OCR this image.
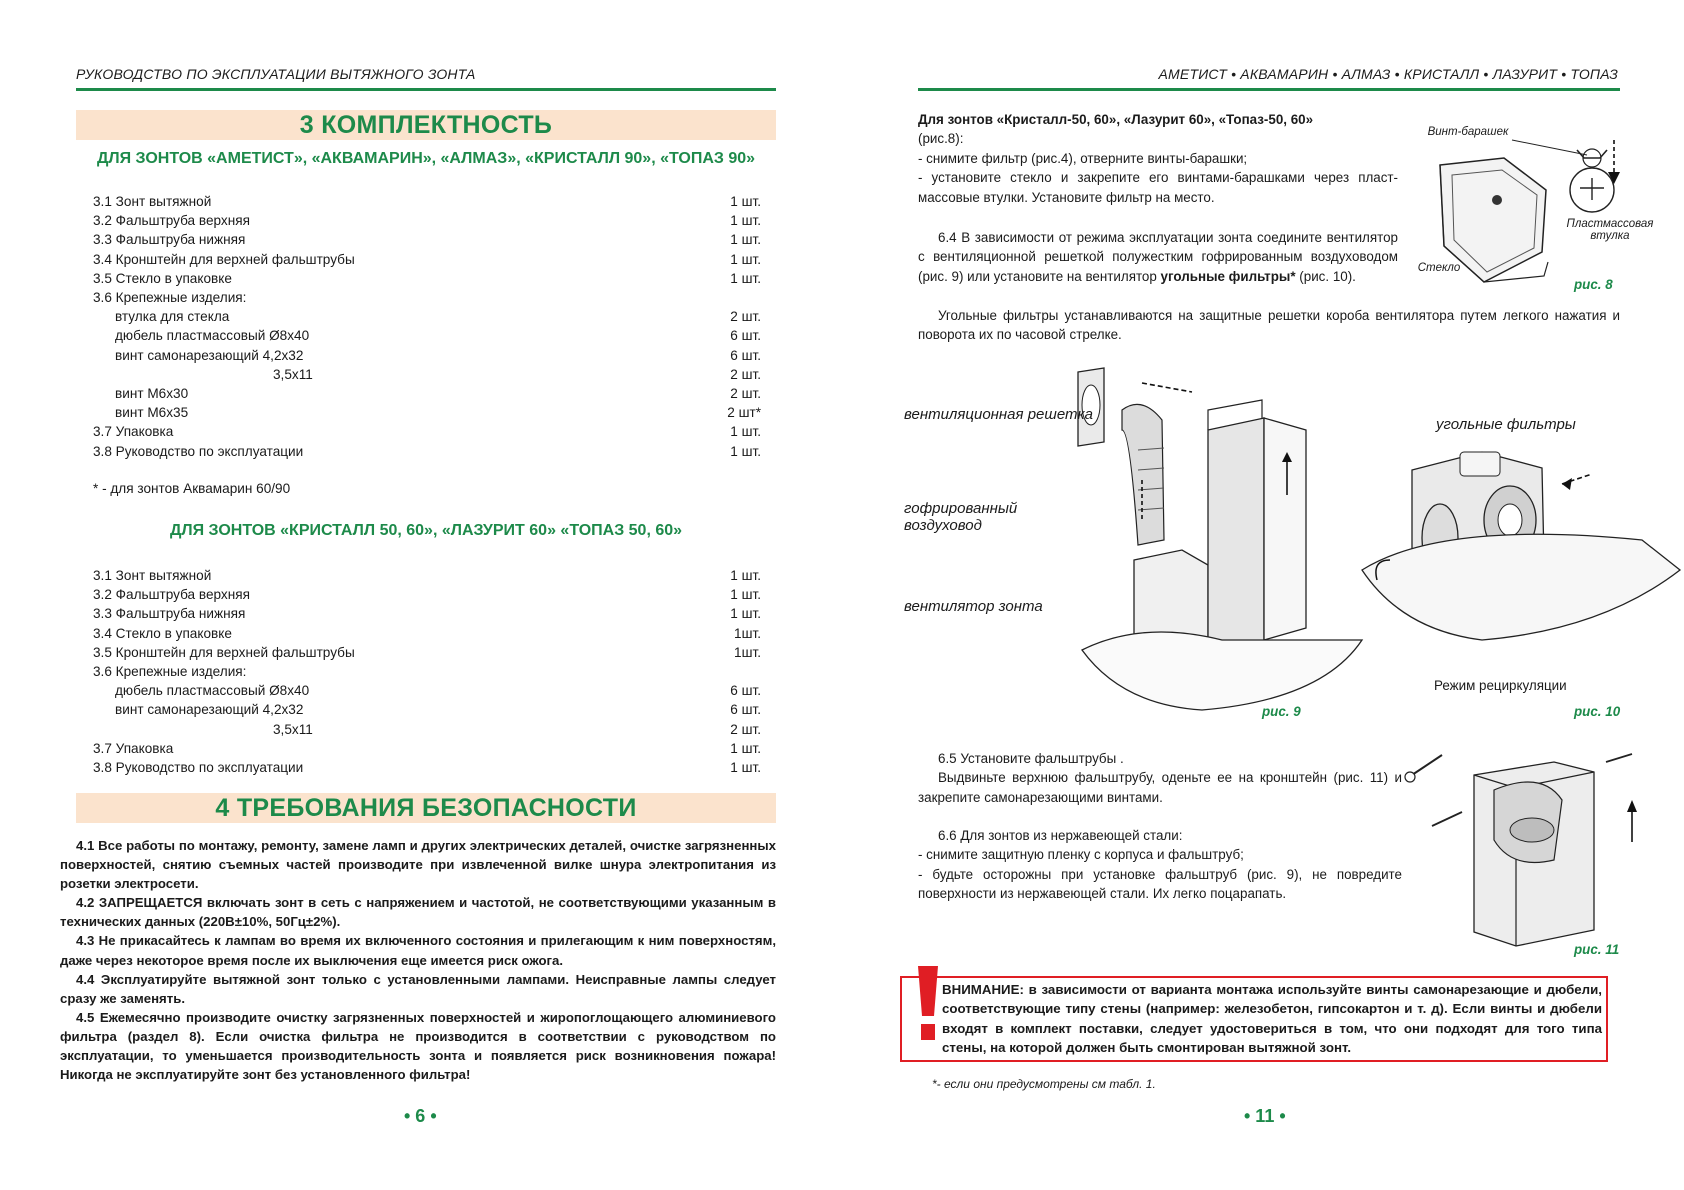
РУКОВОДСТВО ПО ЭКСПЛУАТАЦИИ ВЫТЯЖНОГО ЗОНТА
3 КОМПЛЕКТНОСТЬ
ДЛЯ ЗОНТОВ «АМЕТИСТ», «АКВАМАРИН», «АЛМАЗ», «КРИСТАЛЛ 90», «ТОПАЗ 90»
3.1 Зонт вытяжной	1 шт.
3.2 Фальштруба верхняя	1 шт.
3.3 Фальштруба нижняя	1 шт.
3.4 Кронштейн для верхней фальштрубы	1 шт.
3.5 Стекло в упаковке	1 шт.
3.6 Крепежные изделия:
втулка для стекла	2 шт.
дюбель пластмассовый Ø8x40	6 шт.
винт самонарезающий 4,2x32	6 шт.
3,5x11	2 шт.
винт М6x30	2 шт.
винт М6x35	2 шт*
3.7 Упаковка	1 шт.
3.8 Руководство по эксплуатации	1 шт.
* - для зонтов Аквамарин 60/90
ДЛЯ ЗОНТОВ «КРИСТАЛЛ 50, 60», «ЛАЗУРИТ 60» «ТОПАЗ 50, 60»
3.1 Зонт вытяжной	1 шт.
3.2 Фальштруба верхняя	1 шт.
3.3 Фальштруба нижняя	1 шт.
3.4 Стекло в упаковке	1шт.
3.5 Кронштейн для верхней фальштрубы	1шт.
3.6 Крепежные изделия:
дюбель пластмассовый Ø8x40	6 шт.
винт самонарезающий 4,2x32	6 шт.
3,5x11	2 шт.
3.7 Упаковка	1 шт.
3.8 Руководство по эксплуатации	1 шт.
4 ТРЕБОВАНИЯ БЕЗОПАСНОСТИ

4.1 Все работы по монтажу, ремонту, замене ламп и других электрических деталей, очистке загрязненных поверхностей, снятию съемных частей производите при извлеченной вилке шнура электропитания из розетки электросети.

4.2 ЗАПРЕЩАЕТСЯ включать зонт в сеть с напряжением и частотой, не соответствующими указанным в технических данных (220В±10%, 50Гц±2%).

4.3 Не прикасайтесь к лампам во время их включенного состояния и прилегающим к ним поверхностям, даже через некоторое время после их выключения еще имеется риск ожога.

4.4 Эксплуатируйте вытяжной зонт только с установленными лампами. Неисправные лампы следует сразу же заменять.

4.5 Ежемесячно производите очистку загрязненных поверхностей и жиропоглощающего алюминиевого фильтра (раздел 8). Если очистка фильтра не производится в соответствии с руководством по эксплуатации, то уменьшается производительность зонта и появляется риск возникновения пожара! Никогда не эксплуатируйте зонт без установленного фильтра!

• 6 •
АМЕТИСТ • АКВАМАРИН • АЛМАЗ • КРИСТАЛЛ • ЛАЗУРИТ • ТОПАЗ

Для зонтов «Кристалл-50, 60», «Лазурит 60», «Топаз-50, 60»

(рис.8):

- снимите фильтр (рис.4), отверните винты-барашки;

- установите стекло и закрепите его винтами-барашками через пласт-массовые втулки. Установите фильтр на место.

6.4 В зависимости от режима эксплуатации зонта соедините вентилятор с вентиляционной решеткой полужестким гофрированным воздуховодом (рис. 9) или установите на вентилятор угольные фильтры* (рис. 10).

Угольные фильтры устанавливаются на защитные решетки короба вентилятора путем легкого нажатия и поворота их по часовой стрелке.

Винт-барашек
Пластмассовая втулка
Стекло
рис. 8
вентиляционная решетка
гофрированный воздуховод
вентилятор зонта
рис. 9
угольные фильтры
Режим рециркуляции
рис. 10

6.5 Установите фальштрубы .

Выдвиньте верхнюю фальштрубу, оденьте ее на кронштейн (рис. 11) и закрепите самонарезающими винтами.

6.6 Для зонтов из нержавеющей стали:

- снимите защитную пленку с корпуса и фальштруб;

- будьте осторожны при установке фальштруб (рис. 9), не повредите поверхности из нержавеющей стали. Их легко поцарапать.

рис. 11
ВНИМАНИЕ: в зависимости от варианта монтажа используйте винты самонарезающие и дюбели, соответствующие типу стены (например: железобетон, гипсокартон и т. д). Если винты и дюбели входят в комплект поставки, следует удостовериться в том, что они подходят для того типа стены, на которой должен быть смонтирован вытяжной зонт.
*- если они предусмотрены см табл. 1.
• 11 •
